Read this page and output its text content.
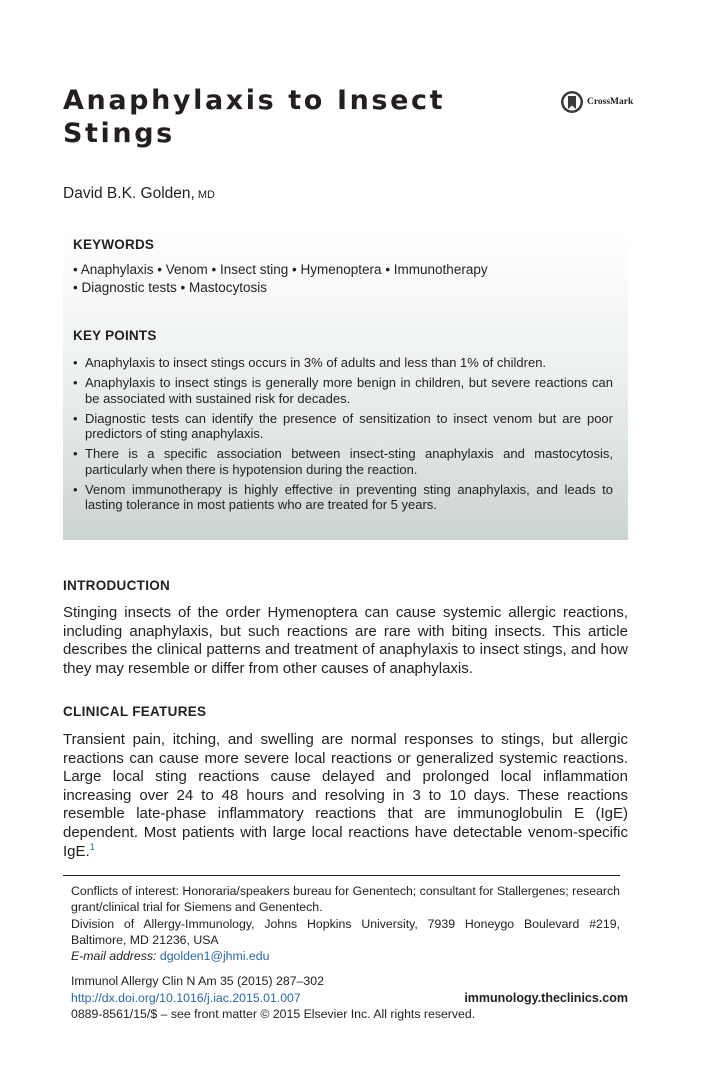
Anaphylaxis to Insect Stings
CrossMark
David B.K. Golden, MD
KEYWORDS
• Anaphylaxis • Venom • Insect sting • Hymenoptera • Immunotherapy
• Diagnostic tests • Mastocytosis
KEY POINTS
• Anaphylaxis to insect stings occurs in 3% of adults and less than 1% of children.
• Anaphylaxis to insect stings is generally more benign in children, but severe reactions can be associated with sustained risk for decades.
• Diagnostic tests can identify the presence of sensitization to insect venom but are poor predictors of sting anaphylaxis.
• There is a specific association between insect-sting anaphylaxis and mastocytosis, particularly when there is hypotension during the reaction.
• Venom immunotherapy is highly effective in preventing sting anaphylaxis, and leads to lasting tolerance in most patients who are treated for 5 years.
INTRODUCTION

Stinging insects of the order Hymenoptera can cause systemic allergic reactions, including anaphylaxis, but such reactions are rare with biting insects. This article describes the clinical patterns and treatment of anaphylaxis to insect stings, and how they may resemble or differ from other causes of anaphylaxis.

CLINICAL FEATURES

Transient pain, itching, and swelling are normal responses to stings, but allergic reactions can cause more severe local reactions or generalized systemic reactions. Large local sting reactions cause delayed and prolonged local inflammation increasing over 24 to 48 hours and resolving in 3 to 10 days. These reactions resemble late-phase inflammatory reactions that are immunoglobulin E (IgE) dependent. Most patients with large local reactions have detectable venom-specific IgE.$^1$

Conflicts of interest: Honoraria/speakers bureau for Genentech; consultant for Stallergenes; research grant/clinical trial for Siemens and Genentech.

Division of Allergy-Immunology, Johns Hopkins University, 7939 Honeygo Boulevard #219, Baltimore, MD 21236, USA

E-mail address: dgolden1@jhmi.edu
Immunol Allergy Clin N Am 35 (2015) 287–302
http://dx.doi.org/10.1016/j.iac.2015.01.007	immunology.theclinics.com
0889-8561/15/$ – see front matter © 2015 Elsevier Inc. All rights reserved.
